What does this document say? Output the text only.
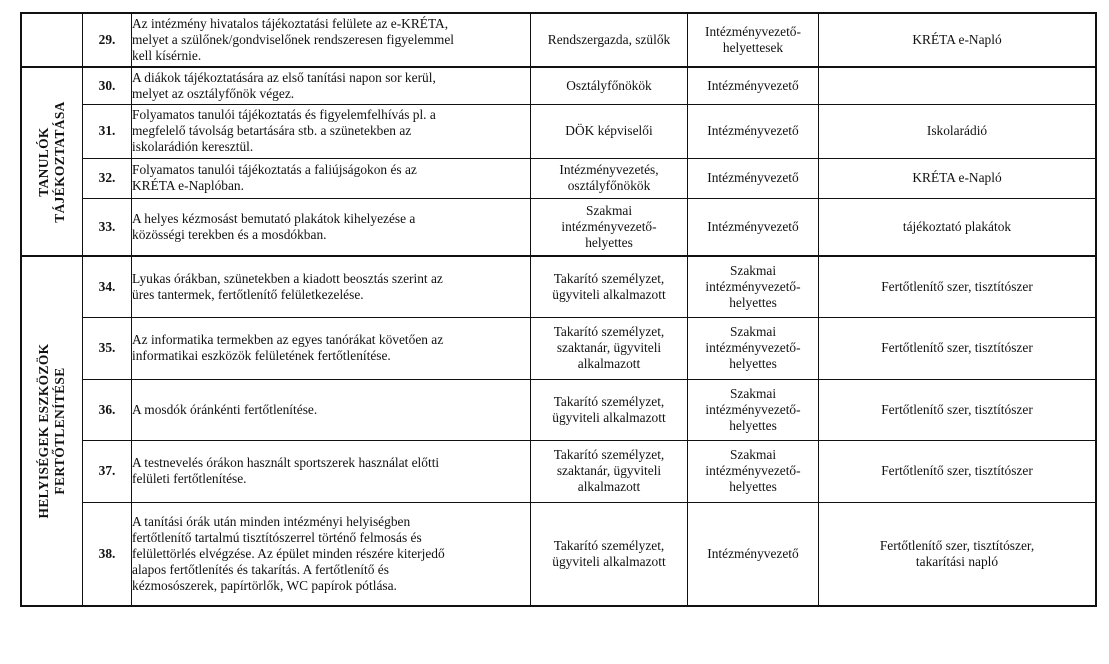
	29.	Az intézmény hivatalos tájékoztatási felülete az e-KRÉTA,
melyet a szülőnek/gondviselőnek rendszeresen figyelemmel
kell kísérnie.	Rendszergazda, szülők	Intézményvezető-
helyettesek	KRÉTA e-Napló

TANULÓK
TÁJÉKOZTATÁSA	30.	A diákok tájékoztatására az első tanítási napon sor kerül,
melyet az osztályfőnök végez.	Osztályfőnökök	Intézményvezető	
	31.	Folyamatos tanulói tájékoztatás és figyelemfelhívás pl. a
megfelelő távolság betartására stb. a szünetekben az
iskolarádión keresztül.	DÖK képviselői	Intézményvezető	Iskolarádió
	32.	Folyamatos tanulói tájékoztatás a faliújságokon és az
KRÉTA e-Naplóban.	Intézményvezetés,
osztályfőnökök	Intézményvezető	KRÉTA e-Napló
	33.	A helyes kézmosást bemutató plakátok kihelyezése a
közösségi terekben és a mosdókban.	Szakmai
intézményvezető-
helyettes	Intézményvezető	tájékoztató plakátok

HELYISÉGEK ESZKÖZÖK
FERTŐTLENÍTÉSE	34.	Lyukas órákban, szünetekben a kiadott beosztás szerint az
üres tantermek, fertőtlenítő felületkezelése.	Takarító személyzet,
ügyviteli alkalmazott	Szakmai
intézményvezető-
helyettes	Fertőtlenítő szer, tisztítószer
	35.	Az informatika termekben az egyes tanórákat követően az
informatikai eszközök felületének fertőtlenítése.	Takarító személyzet,
szaktanár, ügyviteli
alkalmazott	Szakmai
intézményvezető-
helyettes	Fertőtlenítő szer, tisztítószer
	36.	A mosdók óránkénti fertőtlenítése.	Takarító személyzet,
ügyviteli alkalmazott	Szakmai
intézményvezető-
helyettes	Fertőtlenítő szer, tisztítószer
	37.	A testnevelés órákon használt sportszerek használat előtti
felületi fertőtlenítése.	Takarító személyzet,
szaktanár, ügyviteli
alkalmazott	Szakmai
intézményvezető-
helyettes	Fertőtlenítő szer, tisztítószer
	38.	A tanítási órák után minden intézményi helyiségben
fertőtlenítő tartalmú tisztítószerrel történő felmosás és
felülettörlés elvégzése. Az épület minden részére kiterjedő
alapos fertőtlenítés és takarítás. A fertőtlenítő és
kézmosószerek, papírtörlők, WC papírok pótlása.	Takarító személyzet,
ügyviteli alkalmazott	Intézményvezető	Fertőtlenítő szer, tisztítószer,
takarítási napló
